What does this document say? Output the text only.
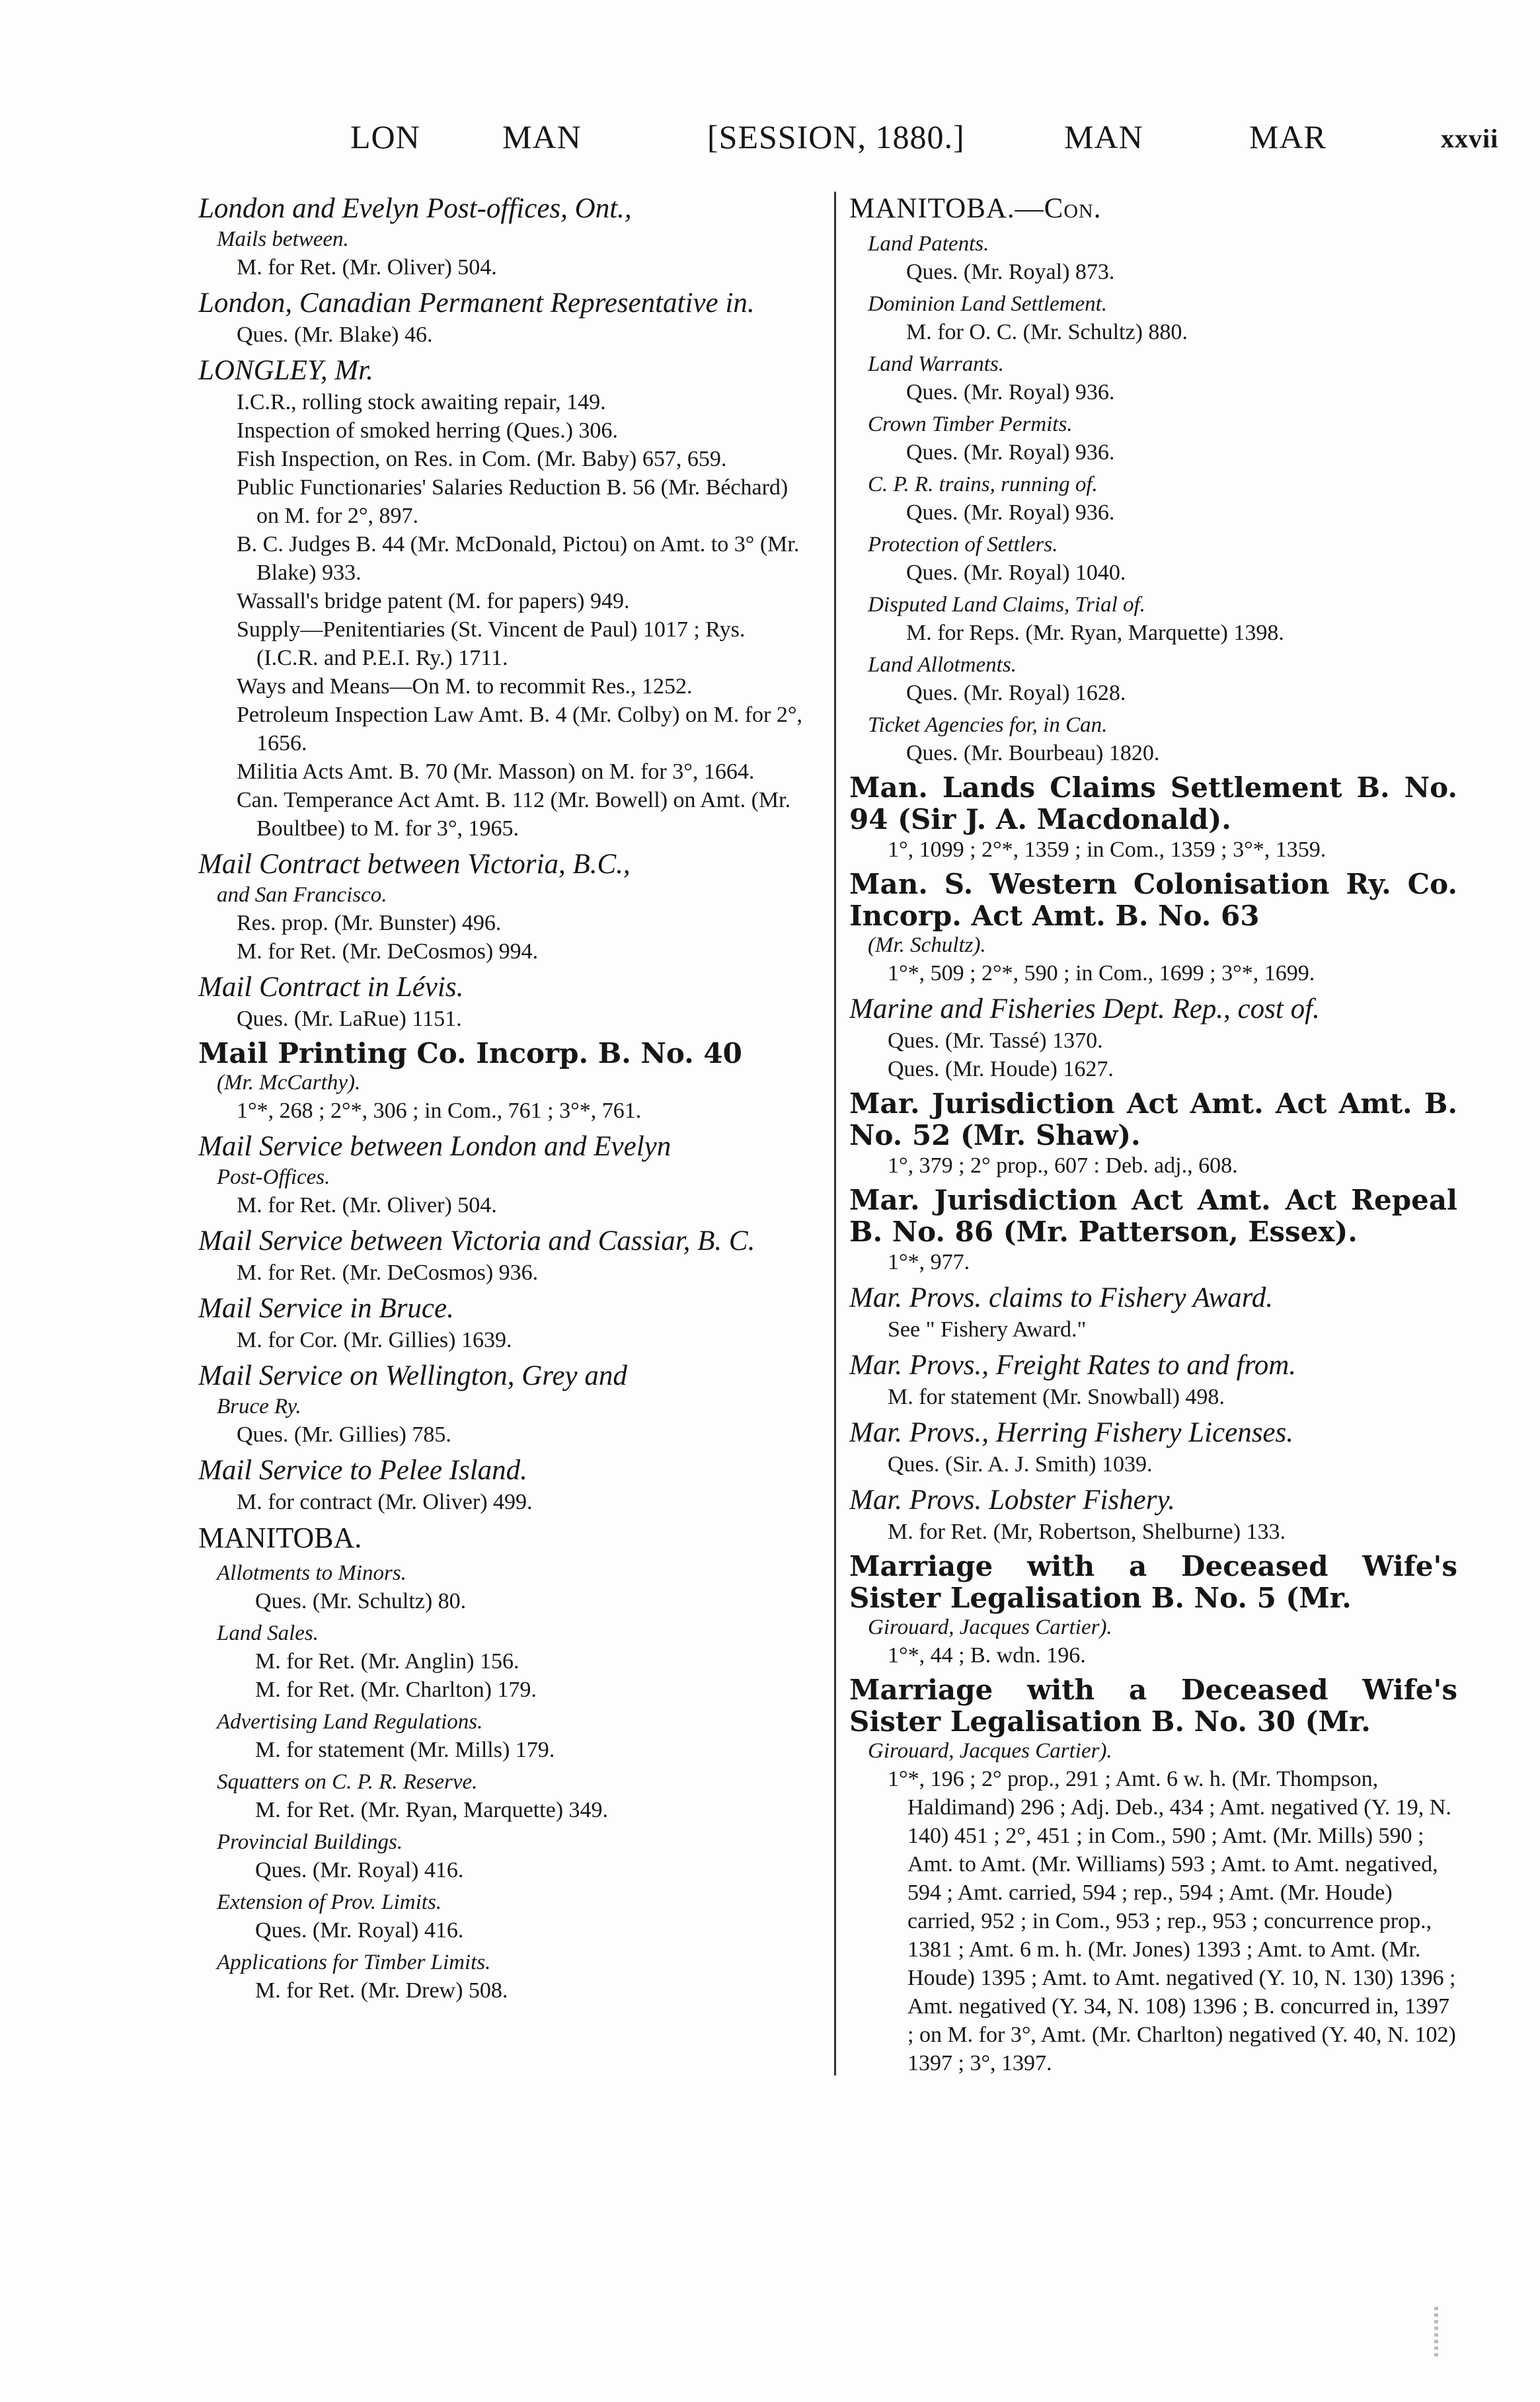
LON MAN	[SESSION, 1880.]	MAN	MAR	xxvii
London and Evelyn Post-offices, Ont.,
Mails between.
M. for Ret. (Mr. Oliver) 504.
London, Canadian Permanent Representative in.
Ques. (Mr. Blake) 46.
LONGLEY, Mr.
I.C.R., rolling stock awaiting repair, 149.
Inspection of smoked herring (Ques.) 306.
Fish Inspection, on Res. in Com. (Mr. Baby) 657, 659.
Public Functionaries' Salaries Reduction B. 56 (Mr. Béchard) on M. for 2°, 897.
B. C. Judges B. 44 (Mr. McDonald, Pictou) on Amt. to 3° (Mr. Blake) 933.
Wassall's bridge patent (M. for papers) 949.
Supply—Penitentiaries (St. Vincent de Paul) 1017 ; Rys. (I.C.R. and P.E.I. Ry.) 1711.
Ways and Means—On M. to recommit Res., 1252.
Petroleum Inspection Law Amt. B. 4 (Mr. Colby) on M. for 2°, 1656.
Militia Acts Amt. B. 70 (Mr. Masson) on M. for 3°, 1664.
Can. Temperance Act Amt. B. 112 (Mr. Bowell) on Amt. (Mr. Boultbee) to M. for 3°, 1965.
Mail Contract between Victoria, B.C.,
and San Francisco.
Res. prop. (Mr. Bunster) 496.
M. for Ret. (Mr. DeCosmos) 994.
Mail Contract in Lévis.
Ques. (Mr. LaRue) 1151.
Mail Printing Co. Incorp. B. No. 40
(Mr. McCarthy).
1°*, 268 ; 2°*, 306 ; in Com., 761 ; 3°*, 761.
Mail Service between London and Evelyn
Post-Offices.
M. for Ret. (Mr. Oliver) 504.
Mail Service between Victoria and Cassiar, B. C.
M. for Ret. (Mr. DeCosmos) 936.
Mail Service in Bruce.
M. for Cor. (Mr. Gillies) 1639.
Mail Service on Wellington, Grey and
Bruce Ry.
Ques. (Mr. Gillies) 785.
Mail Service to Pelee Island.
M. for contract (Mr. Oliver) 499.
MANITOBA.
Allotments to Minors.
Ques. (Mr. Schultz) 80.
Land Sales.
M. for Ret. (Mr. Anglin) 156.
M. for Ret. (Mr. Charlton) 179.
Advertising Land Regulations.
M. for statement (Mr. Mills) 179.
Squatters on C. P. R. Reserve.
M. for Ret. (Mr. Ryan, Marquette) 349.
Provincial Buildings.
Ques. (Mr. Royal) 416.
Extension of Prov. Limits.
Ques. (Mr. Royal) 416.
Applications for Timber Limits.
M. for Ret. (Mr. Drew) 508.
MANITOBA.—Con.
Land Patents.
Ques. (Mr. Royal) 873.
Dominion Land Settlement.
M. for O. C. (Mr. Schultz) 880.
Land Warrants.
Ques. (Mr. Royal) 936.
Crown Timber Permits.
Ques. (Mr. Royal) 936.
C. P. R. trains, running of.
Ques. (Mr. Royal) 936.
Protection of Settlers.
Ques. (Mr. Royal) 1040.
Disputed Land Claims, Trial of.
M. for Reps. (Mr. Ryan, Marquette) 1398.
Land Allotments.
Ques. (Mr. Royal) 1628.
Ticket Agencies for, in Can.
Ques. (Mr. Bourbeau) 1820.
Man. Lands Claims Settlement B. No. 94 (Sir J. A. Macdonald).
1°, 1099 ; 2°*, 1359 ; in Com., 1359 ; 3°*, 1359.
Man. S. Western Colonisation Ry. Co. Incorp. Act Amt. B. No. 63
(Mr. Schultz).
1°*, 509 ; 2°*, 590 ; in Com., 1699 ; 3°*, 1699.
Marine and Fisheries Dept. Rep., cost of.
Ques. (Mr. Tassé) 1370.
Ques. (Mr. Houde) 1627.
Mar. Jurisdiction Act Amt. Act Amt. B. No. 52 (Mr. Shaw).
1°, 379 ; 2° prop., 607 : Deb. adj., 608.
Mar. Jurisdiction Act Amt. Act Repeal B. No. 86 (Mr. Patterson, Essex).
1°*, 977.
Mar. Provs. claims to Fishery Award.
See " Fishery Award."
Mar. Provs., Freight Rates to and from.
M. for statement (Mr. Snowball) 498.
Mar. Provs., Herring Fishery Licenses.
Ques. (Sir. A. J. Smith) 1039.
Mar. Provs. Lobster Fishery.
M. for Ret. (Mr, Robertson, Shelburne) 133.
Marriage with a Deceased Wife's Sister Legalisation B. No. 5 (Mr.
Girouard, Jacques Cartier).
1°*, 44 ; B. wdn. 196.
Marriage with a Deceased Wife's Sister Legalisation B. No. 30 (Mr.
Girouard, Jacques Cartier).
1°*, 196 ; 2° prop., 291 ; Amt. 6 w. h. (Mr. Thompson, Haldimand) 296 ; Adj. Deb., 434 ; Amt. negatived (Y. 19, N. 140) 451 ; 2°, 451 ; in Com., 590 ; Amt. (Mr. Mills) 590 ; Amt. to Amt. (Mr. Williams) 593 ; Amt. to Amt. negatived, 594 ; Amt. carried, 594 ; rep., 594 ; Amt. (Mr. Houde) carried, 952 ; in Com., 953 ; rep., 953 ; concurrence prop., 1381 ; Amt. 6 m. h. (Mr. Jones) 1393 ; Amt. to Amt. (Mr. Houde) 1395 ; Amt. to Amt. negatived (Y. 10, N. 130) 1396 ; Amt. negatived (Y. 34, N. 108) 1396 ; B. concurred in, 1397 ; on M. for 3°, Amt. (Mr. Charlton) negatived (Y. 40, N. 102) 1397 ; 3°, 1397.
